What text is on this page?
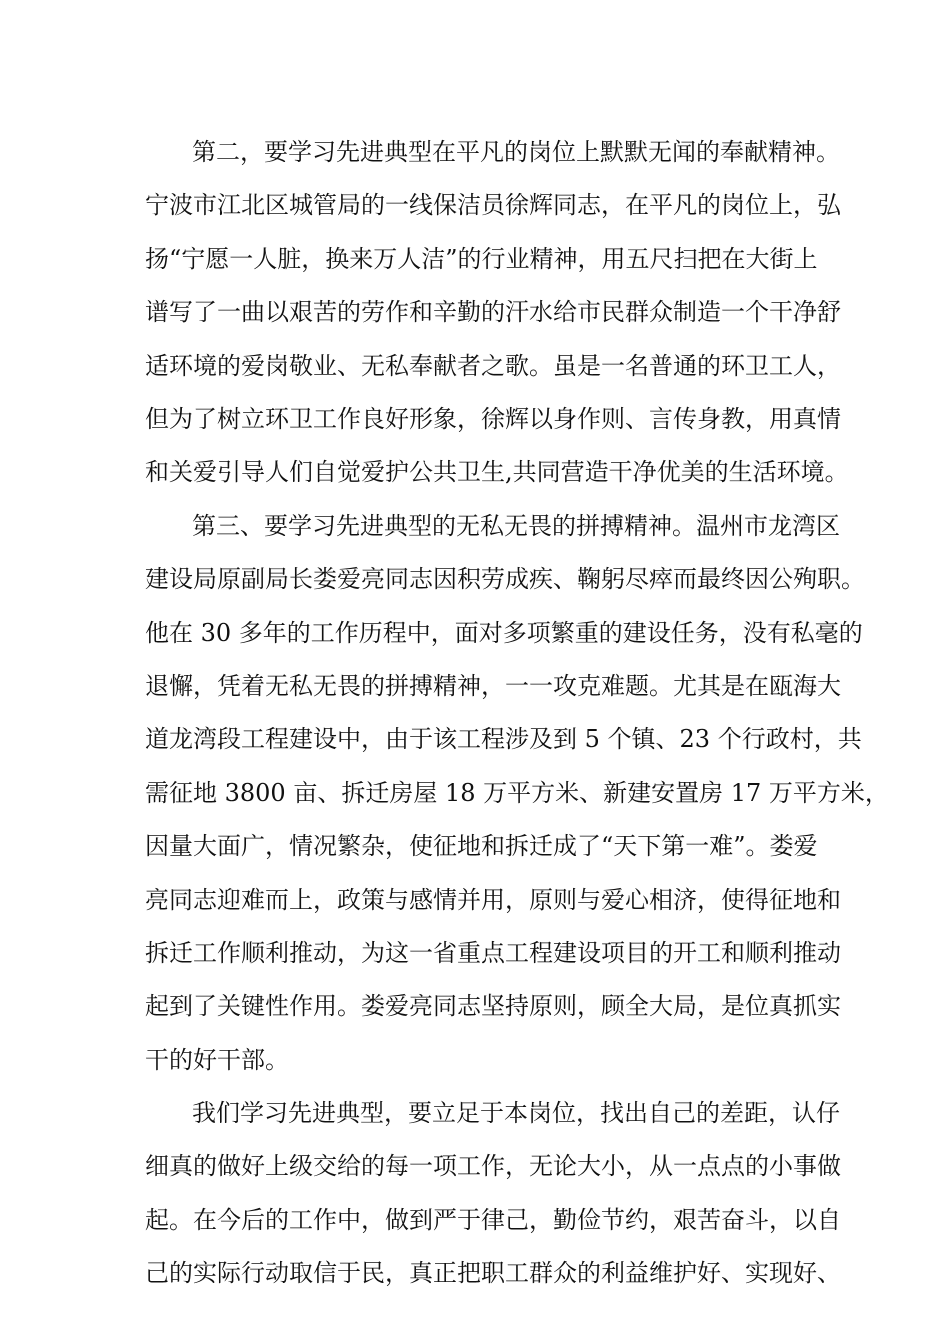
第二，要学习先进典型在平凡的岗位上默默无闻的奉献精神。
宁波市江北区城管局的一线保洁员徐辉同志，在平凡的岗位上，弘
扬“宁愿一人脏，换来万人洁”的行业精神，用五尺扫把在大街上
谱写了一曲以艰苦的劳作和辛勤的汗水给市民群众制造一个干净舒
适环境的爱岗敬业、无私奉献者之歌。虽是一名普通的环卫工人，
但为了树立环卫工作良好形象，徐辉以身作则、言传身教，用真情
和关爱引导人们自觉爱护公共卫生,共同营造干净优美的生活环境。
第三、要学习先进典型的无私无畏的拼搏精神。温州市龙湾区
建设局原副局长娄爱亮同志因积劳成疾、鞠躬尽瘁而最终因公殉职。
他在 30 多年的工作历程中，面对多项繁重的建设任务，没有私毫的
退懈，凭着无私无畏的拼搏精神，一一攻克难题。尤其是在瓯海大
道龙湾段工程建设中，由于该工程涉及到 5 个镇、23 个行政村，共
需征地 3800 亩、拆迁房屋 18 万平方米、新建安置房 17 万平方米，
因量大面广，情况繁杂，使征地和拆迁成了“天下第一难”。娄爱
亮同志迎难而上，政策与感情并用，原则与爱心相济，使得征地和
拆迁工作顺利推动，为这一省重点工程建设项目的开工和顺利推动
起到了关键性作用。娄爱亮同志坚持原则，顾全大局，是位真抓实
干的好干部。
我们学习先进典型，要立足于本岗位，找出自己的差距，认仔
细真的做好上级交给的每一项工作，无论大小，从一点点的小事做
起。在今后的工作中，做到严于律己，勤俭节约，艰苦奋斗，以自
己的实际行动取信于民，真正把职工群众的利益维护好、实现好、
